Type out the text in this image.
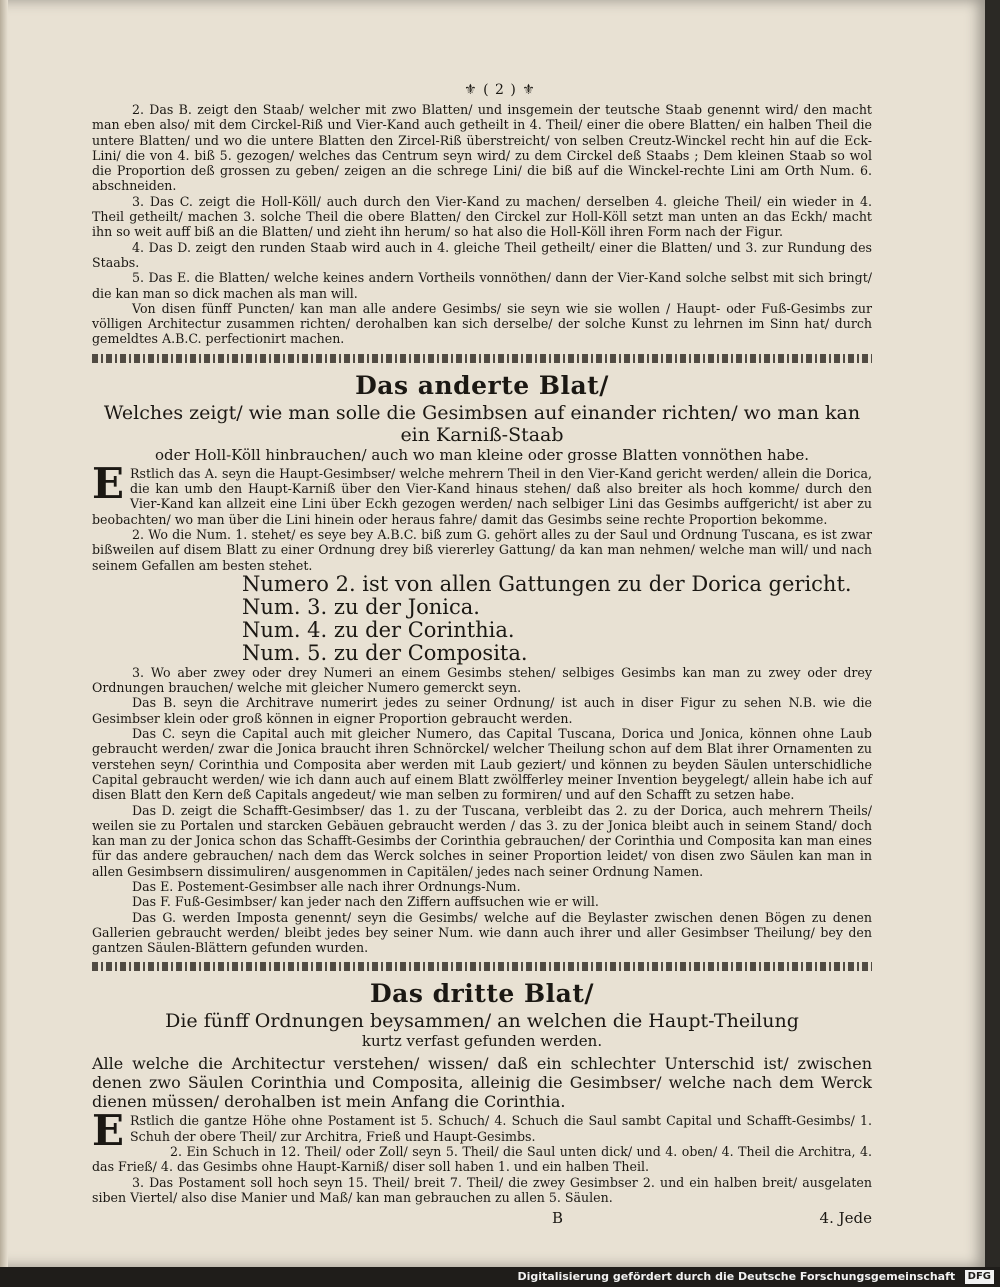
⚜ ( 2 ) ⚜

2. Das B. zeigt den Staab/ welcher mit zwo Blatten/ und insgemein der teutsche Staab genennt wird/ den macht man eben also/ mit dem Circkel-Riß und Vier-Kand auch getheilt in 4. Theil/ einer die obere Blatten/ ein halben Theil die untere Blatten/ und wo die untere Blatten den Zircel-Riß überstreicht/ von selben Creutz-Winckel recht hin auf die Eck-Lini/ die von 4. biß 5. gezogen/ welches das Centrum seyn wird/ zu dem Circkel deß Staabs ; Dem kleinen Staab so wol die Proportion deß grossen zu geben/ zeigen an die schrege Lini/ die biß auf die Winckel-rechte Lini am Orth Num. 6. abschneiden.

3. Das C. zeigt die Holl-Köll/ auch durch den Vier-Kand zu machen/ derselben 4. gleiche Theil/ ein wieder in 4. Theil getheilt/ machen 3. solche Theil die obere Blatten/ den Circkel zur Holl-Köll setzt man unten an das Eckh/ macht ihn so weit auff biß an die Blatten/ und zieht ihn herum/ so hat also die Holl-Köll ihren Form nach der Figur.

4. Das D. zeigt den runden Staab wird auch in 4. gleiche Theil getheilt/ einer die Blatten/ und 3. zur Rundung des Staabs.

5. Das E. die Blatten/ welche keines andern Vortheils vonnöthen/ dann der Vier-Kand solche selbst mit sich bringt/ die kan man so dick machen als man will.

Von disen fünff Puncten/ kan man alle andere Gesimbs/ sie seyn wie sie wollen / Haupt- oder Fuß-Gesimbs zur völligen Architectur zusammen richten/ derohalben kan sich derselbe/ der solche Kunst zu lehrnen im Sinn hat/ durch gemeldtes A.B.C. perfectionirt machen.

Das anderte Blat/

Welches zeigt/ wie man solle die Gesimbsen auf einander richten/ wo man kan ein Karniß-Staab

oder Holl-Köll hinbrauchen/ auch wo man kleine oder grosse Blatten vonnöthen habe.

E Rstlich das A. seyn die Haupt-Gesimbser/ welche mehrern Theil in den Vier-Kand gericht werden/ allein die Dorica, die kan umb den Haupt-Karniß über den Vier-Kand hinaus stehen/ daß also breiter als hoch komme/ durch den Vier-Kand kan allzeit eine Lini über Eckh gezogen werden/ nach selbiger Lini das Gesimbs auffgericht/ ist aber zu beobachten/ wo man über die Lini hinein oder heraus fahre/ damit das Gesimbs seine rechte Proportion bekomme.

2. Wo die Num. 1. stehet/ es seye bey A.B.C. biß zum G. gehört alles zu der Saul und Ordnung Tuscana, es ist zwar bißweilen auf disem Blatt zu einer Ordnung drey biß viererley Gattung/ da kan man nehmen/ welche man will/ und nach seinem Gefallen am besten stehet.

Numero 2. ist von allen Gattungen zu der Dorica gericht.

Num. 3. zu der Jonica.

Num. 4. zu der Corinthia.

Num. 5. zu der Composita.

3. Wo aber zwey oder drey Numeri an einem Gesimbs stehen/ selbiges Gesimbs kan man zu zwey oder drey Ordnungen brauchen/ welche mit gleicher Numero gemerckt seyn.

Das B. seyn die Architrave numerirt jedes zu seiner Ordnung/ ist auch in diser Figur zu sehen N.B. wie die Gesimbser klein oder groß können in eigner Proportion gebraucht werden.

Das C. seyn die Capital auch mit gleicher Numero, das Capital Tuscana, Dorica und Jonica, können ohne Laub gebraucht werden/ zwar die Jonica braucht ihren Schnörckel/ welcher Theilung schon auf dem Blat ihrer Ornamenten zu verstehen seyn/ Corinthia und Composita aber werden mit Laub geziert/ und können zu beyden Säulen unterschidliche Capital gebraucht werden/ wie ich dann auch auf einem Blatt zwölfferley meiner Invention beygelegt/ allein habe ich auf disen Blatt den Kern deß Capitals angedeut/ wie man selben zu formiren/ und auf den Schafft zu setzen habe.

Das D. zeigt die Schafft-Gesimbser/ das 1. zu der Tuscana, verbleibt das 2. zu der Dorica, auch mehrern Theils/ weilen sie zu Portalen und starcken Gebäuen gebraucht werden / das 3. zu der Jonica bleibt auch in seinem Stand/ doch kan man zu der Jonica schon das Schafft-Gesimbs der Corinthia gebrauchen/ der Corinthia und Composita kan man eines für das andere gebrauchen/ nach dem das Werck solches in seiner Proportion leidet/ von disen zwo Säulen kan man in allen Gesimbsern dissimuliren/ ausgenommen in Capitälen/ jedes nach seiner Ordnung Namen.

Das E. Postement-Gesimbser alle nach ihrer Ordnungs-Num.

Das F. Fuß-Gesimbser/ kan jeder nach den Ziffern auffsuchen wie er will.

Das G. werden Imposta genennt/ seyn die Gesimbs/ welche auf die Beylaster zwischen denen Bögen zu denen Gallerien gebraucht werden/ bleibt jedes bey seiner Num. wie dann auch ihrer und aller Gesimbser Theilung/ bey den gantzen Säulen-Blättern gefunden wurden.

Das dritte Blat/

Die fünff Ordnungen beysammen/ an welchen die Haupt-Theilung

kurtz verfast gefunden werden.

Alle welche die Architectur verstehen/ wissen/ daß ein schlechter Unterschid ist/ zwischen denen zwo Säulen Corinthia und Composita, alleinig die Gesimbser/ welche nach dem Werck dienen müssen/ derohalben ist mein Anfang die Corinthia.

E Rstlich die gantze Höhe ohne Postament ist 5. Schuch/ 4. Schuch die Saul sambt Capital und Schafft-Gesimbs/ 1. Schuh der obere Theil/ zur Architra, Frieß und Haupt-Gesimbs.

2. Ein Schuch in 12. Theil/ oder Zoll/ seyn 5. Theil/ die Saul unten dick/ und 4. oben/ 4. Theil die Architra, 4. das Frieß/ 4. das Gesimbs ohne Haupt-Karniß/ diser soll haben 1. und ein halben Theil.

3. Das Postament soll hoch seyn 15. Theil/ breit 7. Theil/ die zwey Gesimbser 2. und ein halben breit/ ausgelaten siben Viertel/ also dise Manier und Maß/ kan man gebrauchen zu allen 5. Säulen.

B	4. Jede
Digitalisierung gefördert durch die Deutsche Forschungsgemeinschaft DFG
